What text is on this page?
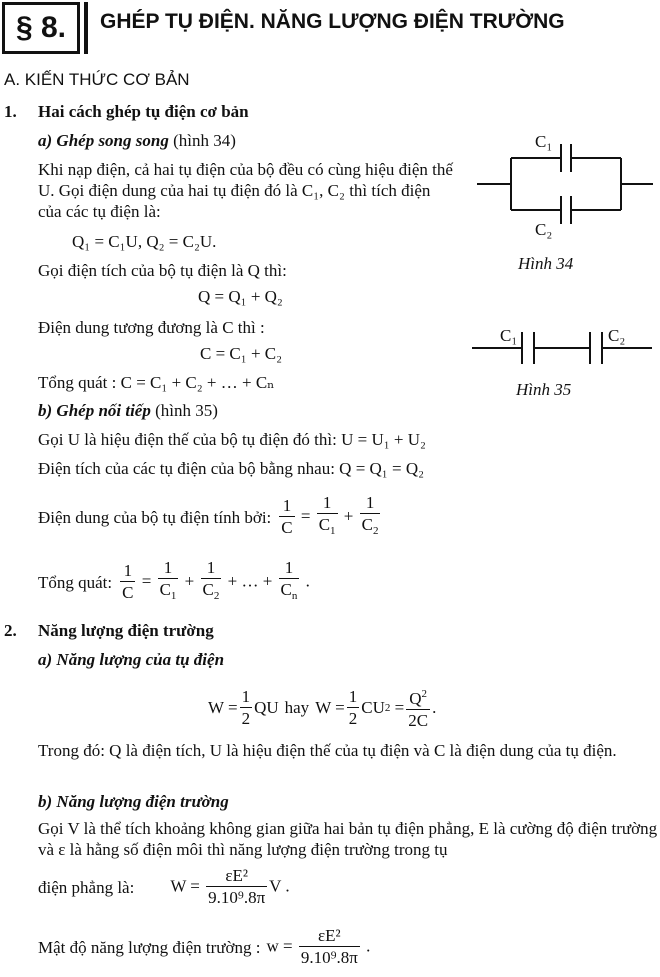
§ 8. GHÉP TỤ ĐIỆN. NĂNG LƯỢNG ĐIỆN TRƯỜNG
A. KIẾN THỨC CƠ BẢN
1. Hai cách ghép tụ điện cơ bản
a) Ghép song song (hình 34)
Khi nạp điện, cả hai tụ điện của bộ đều có cùng hiệu điện thế U. Gọi điện dung của hai tụ điện đó là C₁, C₂ thì tích điện của các tụ điện là:
Q₁ = C₁U, Q₂ = C₂U.
Gọi điện tích của bộ tụ điện là Q thì:
Q = Q₁ + Q₂
Điện dung tương đương là C thì :
C = C₁ + C₂
Tổng quát : C = C₁ + C₂ + … + Cₙ
b) Ghép nối tiếp (hình 35)
Gọi U là hiệu điện thế của bộ tụ điện đó thì: U = U₁ + U₂
Điện tích của các tụ điện của bộ bằng nhau: Q = Q₁ = Q₂
Điện dung của bộ tụ điện tính bởi: $\frac{1}{C} = \frac{1}{C_1} + \frac{1}{C_2}$
Tổng quát: $\frac{1}{C} = \frac{1}{C_1} + \frac{1}{C_2}$ + … + $\frac{1}{C_n}$ .
2. Năng lượng điện trường
a) Năng lượng của tụ điện
$W = \frac{1}{2}$ QU hay $W = \frac{1}{2}$ CU $2 = \frac{Q^2}{2C}$ .
Trong đó: Q là điện tích, U là hiệu điện thế của tụ điện và C là điện dung của tụ điện.
b) Năng lượng điện trường
Gọi V là thể tích khoảng không gian giữa hai bản tụ điện phẳng, E là cường độ điện trường và ε là hằng số điện môi thì năng lượng điện trường trong tụ
điện phẳng là: $W = \frac{\text{εE²}}{\text{9.10⁹.8π}}$ V .
Mật độ năng lượng điện trường : $w = \frac{\text{εE²}}{\text{9.10⁹.8π}}$ .
C₁
C₂
Hình 34
C₁	C₂
Hình 35
